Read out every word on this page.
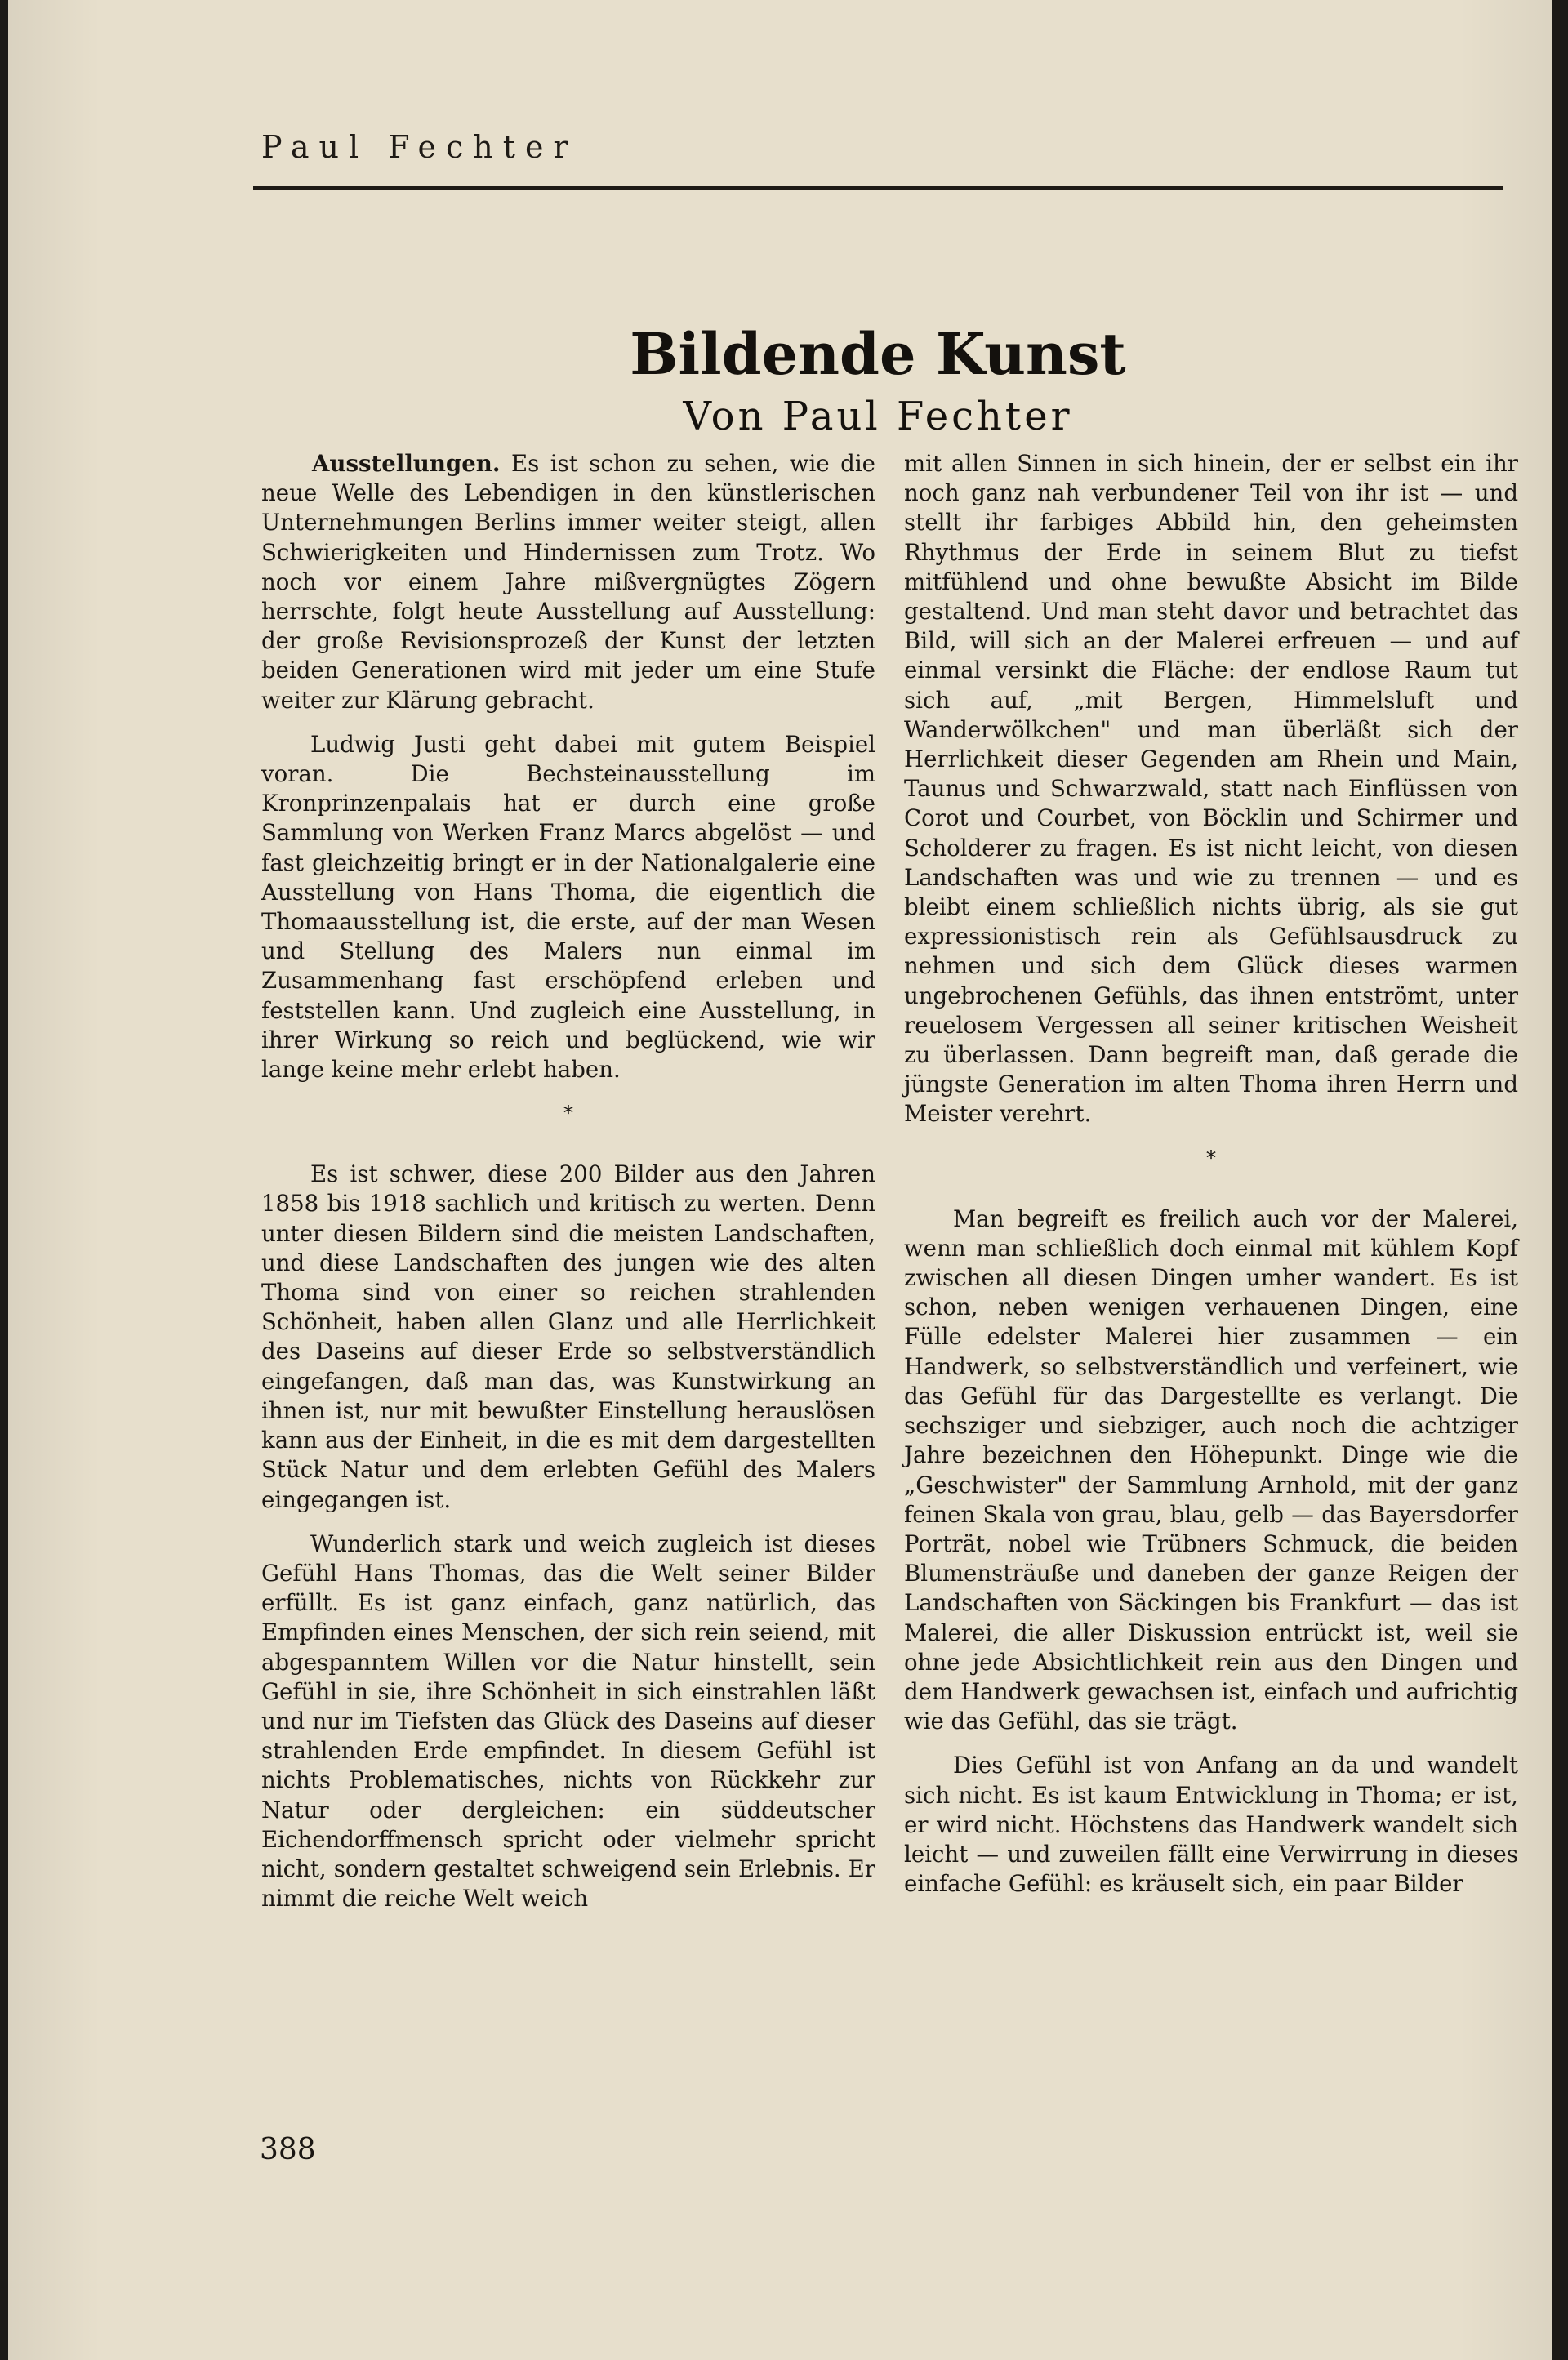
Paul Fechter
Bildende Kunst
Von Paul Fechter

Ausstellungen. Es ist schon zu sehen, wie die neue Welle des Lebendigen in den künstlerischen Unternehmungen Berlins immer weiter steigt, allen Schwierigkeiten und Hindernissen zum Trotz. Wo noch vor einem Jahre mißvergnügtes Zögern herrschte, folgt heute Ausstellung auf Ausstellung: der große Revisionsprozeß der Kunst der letzten beiden Generationen wird mit jeder um eine Stufe weiter zur Klärung gebracht.

Ludwig Justi geht dabei mit gutem Beispiel voran. Die Bechsteinausstellung im Kronprinzenpalais hat er durch eine große Sammlung von Werken Franz Marcs abgelöst — und fast gleichzeitig bringt er in der Nationalgalerie eine Ausstellung von Hans Thoma, die eigentlich die Thomaausstellung ist, die erste, auf der man Wesen und Stellung des Malers nun einmal im Zusammenhang fast erschöpfend erleben und feststellen kann. Und zugleich eine Ausstellung, in ihrer Wirkung so reich und beglückend, wie wir lange keine mehr erlebt haben.

*

Es ist schwer, diese 200 Bilder aus den Jahren 1858 bis 1918 sachlich und kritisch zu werten. Denn unter diesen Bildern sind die meisten Landschaften, und diese Landschaften des jungen wie des alten Thoma sind von einer so reichen strahlenden Schönheit, haben allen Glanz und alle Herrlichkeit des Daseins auf dieser Erde so selbstverständlich eingefangen, daß man das, was Kunstwirkung an ihnen ist, nur mit bewußter Einstellung herauslösen kann aus der Einheit, in die es mit dem dargestellten Stück Natur und dem erlebten Gefühl des Malers eingegangen ist.

Wunderlich stark und weich zugleich ist dieses Gefühl Hans Thomas, das die Welt seiner Bilder erfüllt. Es ist ganz einfach, ganz natürlich, das Empfinden eines Menschen, der sich rein seiend, mit abgespanntem Willen vor die Natur hinstellt, sein Gefühl in sie, ihre Schönheit in sich einstrahlen läßt und nur im Tiefsten das Glück des Daseins auf dieser strahlenden Erde empfindet. In diesem Gefühl ist nichts Problematisches, nichts von Rückkehr zur Natur oder dergleichen: ein süddeutscher Eichendorffmensch spricht oder vielmehr spricht nicht, sondern gestaltet schweigend sein Erlebnis. Er nimmt die reiche Welt weich

mit allen Sinnen in sich hinein, der er selbst ein ihr noch ganz nah verbundener Teil von ihr ist — und stellt ihr farbiges Abbild hin, den geheimsten Rhythmus der Erde in seinem Blut zu tiefst mitfühlend und ohne bewußte Absicht im Bilde gestaltend. Und man steht davor und betrachtet das Bild, will sich an der Malerei erfreuen — und auf einmal versinkt die Fläche: der endlose Raum tut sich auf, „mit Bergen, Himmelsluft und Wanderwölkchen" und man überläßt sich der Herrlichkeit dieser Gegenden am Rhein und Main, Taunus und Schwarzwald, statt nach Einflüssen von Corot und Courbet, von Böcklin und Schirmer und Scholderer zu fragen. Es ist nicht leicht, von diesen Landschaften was und wie zu trennen — und es bleibt einem schließlich nichts übrig, als sie gut expressionistisch rein als Gefühlsausdruck zu nehmen und sich dem Glück dieses warmen ungebrochenen Gefühls, das ihnen entströmt, unter reuelosem Vergessen all seiner kritischen Weisheit zu überlassen. Dann begreift man, daß gerade die jüngste Generation im alten Thoma ihren Herrn und Meister verehrt.

*

Man begreift es freilich auch vor der Malerei, wenn man schließlich doch einmal mit kühlem Kopf zwischen all diesen Dingen umher wandert. Es ist schon, neben wenigen verhauenen Dingen, eine Fülle edelster Malerei hier zusammen — ein Handwerk, so selbstverständlich und verfeinert, wie das Gefühl für das Dargestellte es verlangt. Die sechsziger und siebziger, auch noch die achtziger Jahre bezeichnen den Höhepunkt. Dinge wie die „Geschwister" der Sammlung Arnhold, mit der ganz feinen Skala von grau, blau, gelb — das Bayersdorfer Porträt, nobel wie Trübners Schmuck, die beiden Blumensträuße und daneben der ganze Reigen der Landschaften von Säckingen bis Frankfurt — das ist Malerei, die aller Diskussion entrückt ist, weil sie ohne jede Absichtlichkeit rein aus den Dingen und dem Handwerk gewachsen ist, einfach und aufrichtig wie das Gefühl, das sie trägt.

Dies Gefühl ist von Anfang an da und wandelt sich nicht. Es ist kaum Entwicklung in Thoma; er ist, er wird nicht. Höchstens das Handwerk wandelt sich leicht — und zuweilen fällt eine Verwirrung in dieses einfache Gefühl: es kräuselt sich, ein paar Bilder

388
